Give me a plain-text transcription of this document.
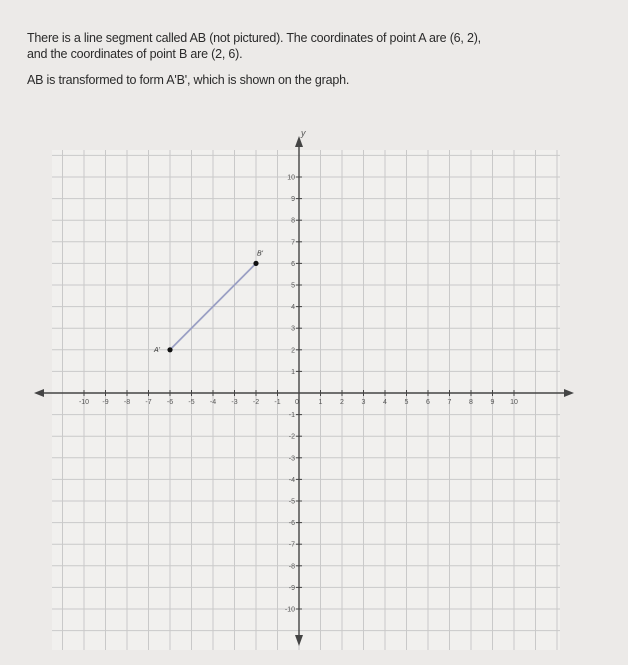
There is a line segment called AB (not pictured). The coordinates of point A are (6, 2),
and the coordinates of point B are (2, 6).

AB is transformed to form A'B', which is shown on the graph.

-10 -9 -8 -7 -6 -5 -4 -3 -2 -1 0	1	2	3	4	5	6	7	8	9 10
10
9
8
7
6
5
4
3
2
1
-1
-2
-3
-4
-5
-6
-7
-8
-9
-10
y
A'
B'
